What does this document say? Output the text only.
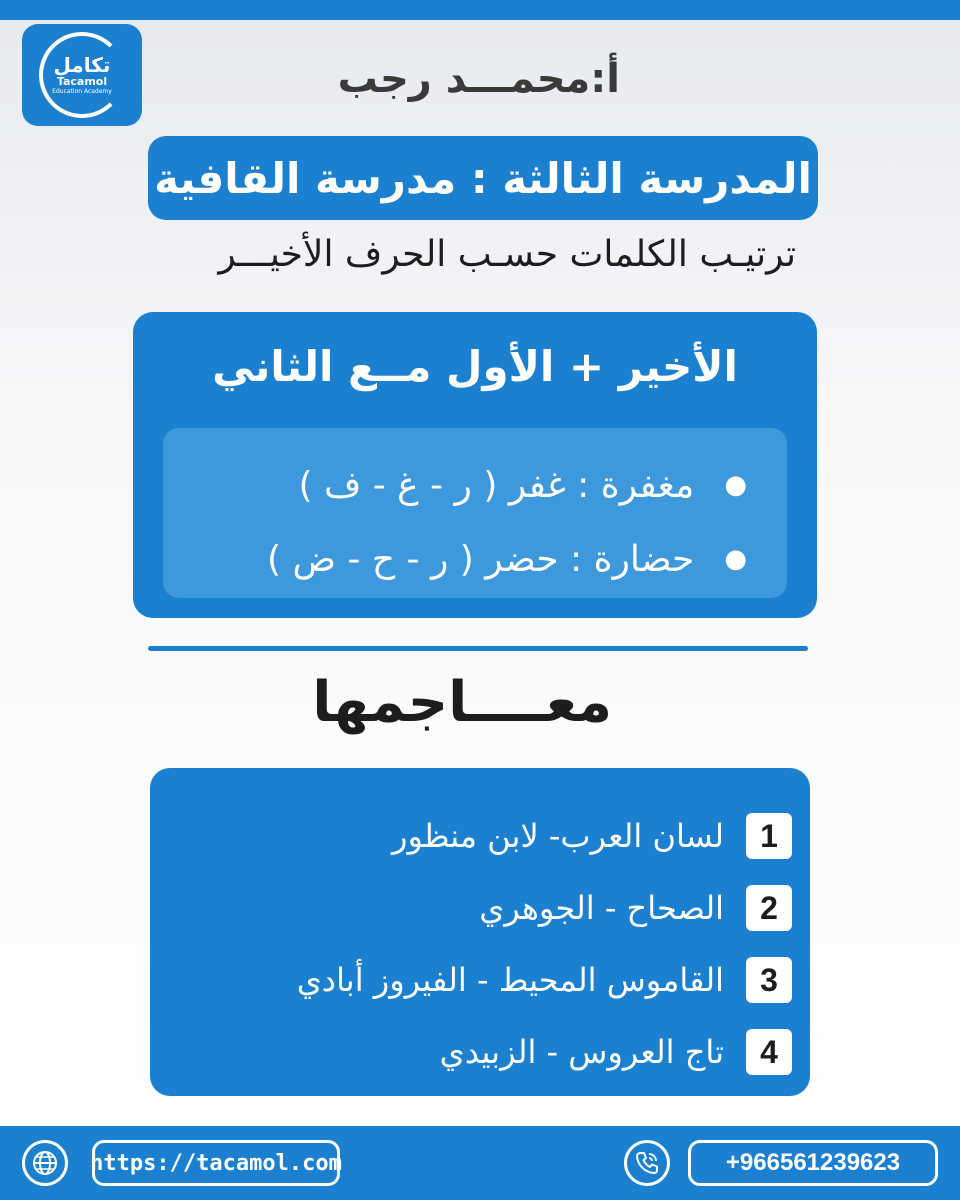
تكامل
Tacamol
Education Academy	أ:محمـــد رجب
المدرسة الثالثة : مدرسة القافية
ترتيـب الكلمات حسـب الحرف الأخيـــر
الأخير + الأول مــع الثاني
●
مغفرة : غفر ( ر - غ - ف )
●
حضارة : حضر ( ر - ح - ض )
معــــاجمها
1
لسان العرب- لابن منظور
2
الصحاح - الجوهري
3
القاموس المحيط - الفيروز أبادي
4
تاج العروس - الزبيدي
https://tacamol.com	+966561239623
